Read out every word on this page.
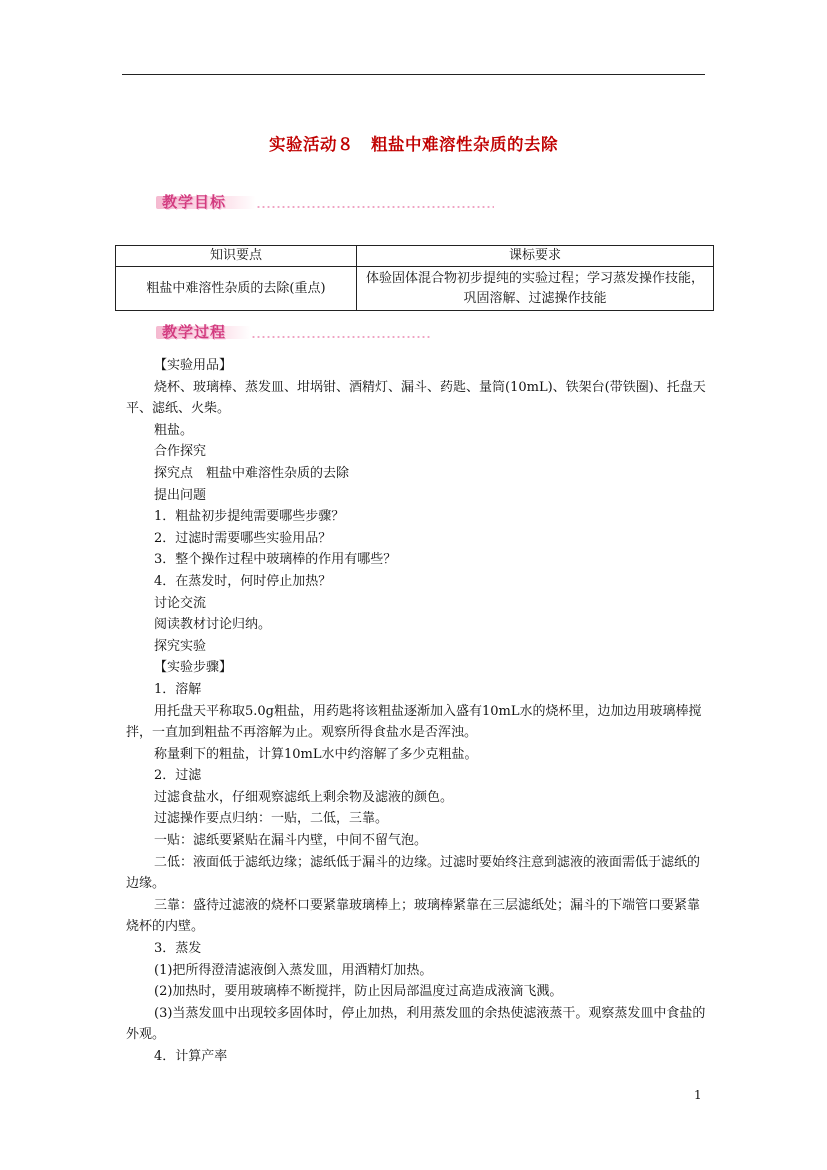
实验活动８　粗盐中难溶性杂质的去除
教学目标
知识要点	课标要求
粗盐中难溶性杂质的去除(重点)	体验固体混合物初步提纯的实验过程；学习蒸发操作技能，巩固溶解、过滤操作技能
教学过程

【实验用品】

烧杯、玻璃棒、蒸发皿、坩埚钳、酒精灯、漏斗、药匙、量筒(10mL)、铁架台(带铁圈)、托盘天平、滤纸、火柴。

粗盐。

合作探究

探究点　粗盐中难溶性杂质的去除

提出问题

1．粗盐初步提纯需要哪些步骤？

2．过滤时需要哪些实验用品？

3．整个操作过程中玻璃棒的作用有哪些？

4．在蒸发时，何时停止加热？

讨论交流

阅读教材讨论归纳。

探究实验

【实验步骤】

1．溶解

用托盘天平称取5.0g粗盐，用药匙将该粗盐逐渐加入盛有10mL水的烧杯里，边加边用玻璃棒搅拌，一直加到粗盐不再溶解为止。观察所得食盐水是否浑浊。

称量剩下的粗盐，计算10mL水中约溶解了多少克粗盐。

2．过滤

过滤食盐水，仔细观察滤纸上剩余物及滤液的颜色。

过滤操作要点归纳：一贴，二低，三靠。

一贴：滤纸要紧贴在漏斗内壁，中间不留气泡。

二低：液面低于滤纸边缘；滤纸低于漏斗的边缘。过滤时要始终注意到滤液的液面需低于滤纸的边缘。

三靠：盛待过滤液的烧杯口要紧靠玻璃棒上；玻璃棒紧靠在三层滤纸处；漏斗的下端管口要紧靠烧杯的内壁。

3．蒸发

(1)把所得澄清滤液倒入蒸发皿，用酒精灯加热。

(2)加热时，要用玻璃棒不断搅拌，防止因局部温度过高造成液滴飞溅。

(3)当蒸发皿中出现较多固体时，停止加热，利用蒸发皿的余热使滤液蒸干。观察蒸发皿中食盐的外观。

4．计算产率

1
